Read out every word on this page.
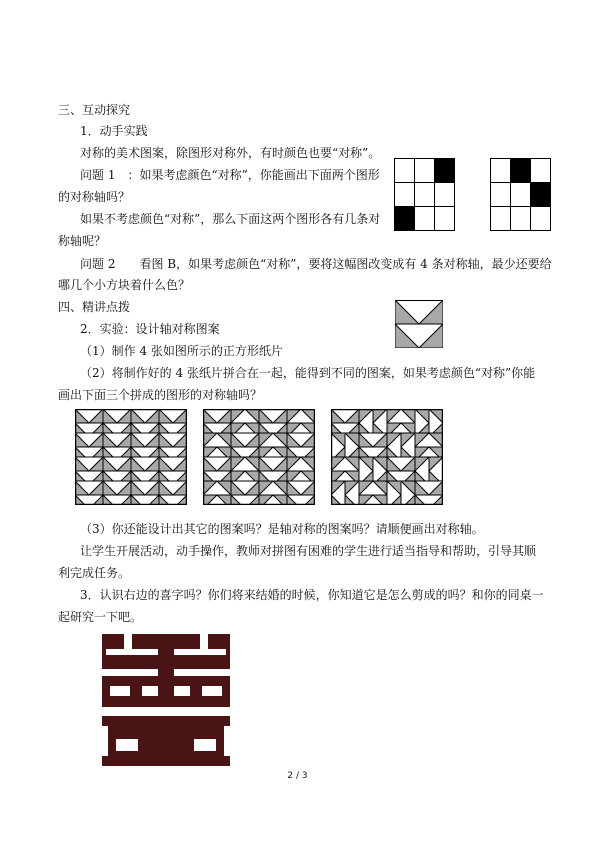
三、互动探究
1．动手实践
对称的美术图案，除图形对称外，有时颜色也要“对称”。
问题 1　：如果考虑颜色“对称”，你能画出下面两个图形
的对称轴吗？
如果不考虑颜色“对称”，那么下面这两个图形各有几条对
称轴呢？
问题 2　　看图 B，如果考虑颜色“对称”，要将这幅图改变成有 4 条对称轴，最少还要给
哪几个小方块着什么色？
四、精讲点拨
2．实验：设计轴对称图案
（1）制作 4 张如图所示的正方形纸片
（2）将制作好的 4 张纸片拼合在一起，能得到不同的图案，如果考虑颜色“对称”你能
画出下面三个拼成的图形的对称轴吗？
（3）你还能设计出其它的图案吗？是轴对称的图案吗？请顺便画出对称轴。
让学生开展活动，动手操作，教师对拼图有困难的学生进行适当指导和帮助，引导其顺
利完成任务。
3．认识右边的喜字吗？你们将来结婚的时候，你知道它是怎么剪成的吗？和你的同桌一
起研究一下吧。
2 / 3
